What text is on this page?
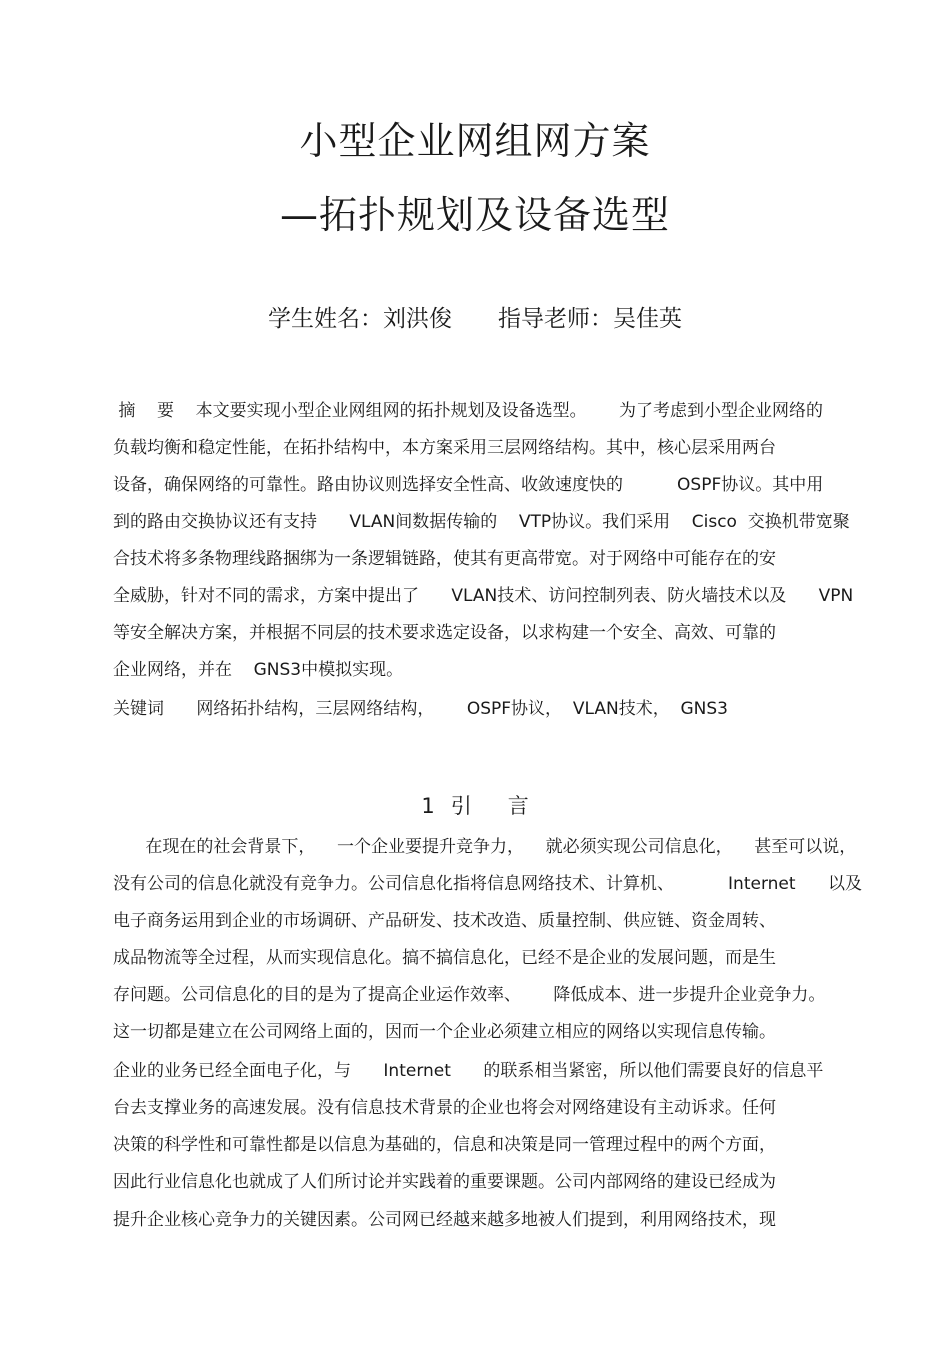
小型企业网组网方案
—拓扑规划及设备选型
学生姓名：刘洪俊 指导老师：吴佳英
摘    要    本文要实现小型企业网组网的拓扑规划及设备选型。      为了考虑到小型企业网络的
负载均衡和稳定性能，在拓扑结构中，本方案采用三层网络结构。其中，核心层采用两台
设备，确保网络的可靠性。路由协议则选择安全性高、收敛速度快的          OSPF协议。其中用
到的路由交换协议还有支持      VLAN间数据传输的    VTP协议。我们采用    Cisco  交换机带宽聚
合技术将多条物理线路捆绑为一条逻辑链路，使其有更高带宽。对于网络中可能存在的安
全威胁，针对不同的需求，方案中提出了      VLAN技术、访问控制列表、防火墙技术以及      VPN
等安全解决方案，并根据不同层的技术要求选定设备，以求构建一个安全、高效、可靠的
企业网络，并在    GNS3中模拟实现。
关键词      网络拓扑结构，三层网络结构，      OSPF协议，  VLAN技术，  GNS3
1 引 言
在现在的社会背景下，    一个企业要提升竞争力，    就必须实现公司信息化，    甚至可以说，
没有公司的信息化就没有竞争力。公司信息化指将信息网络技术、计算机、          Internet      以及
电子商务运用到企业的市场调研、产品研发、技术改造、质量控制、供应链、资金周转、
成品物流等全过程，从而实现信息化。搞不搞信息化，已经不是企业的发展问题，而是生
存问题。公司信息化的目的是为了提高企业运作效率、      降低成本、进一步提升企业竞争力。
这一切都是建立在公司网络上面的，因而一个企业必须建立相应的网络以实现信息传输。
企业的业务已经全面电子化，与      Internet      的联系相当紧密，所以他们需要良好的信息平
台去支撑业务的高速发展。没有信息技术背景的企业也将会对网络建设有主动诉求。任何
决策的科学性和可靠性都是以信息为基础的，信息和决策是同一管理过程中的两个方面，
因此行业信息化也就成了人们所讨论并实践着的重要课题。公司内部网络的建设已经成为
提升企业核心竞争力的关键因素。公司网已经越来越多地被人们提到，利用网络技术，现
